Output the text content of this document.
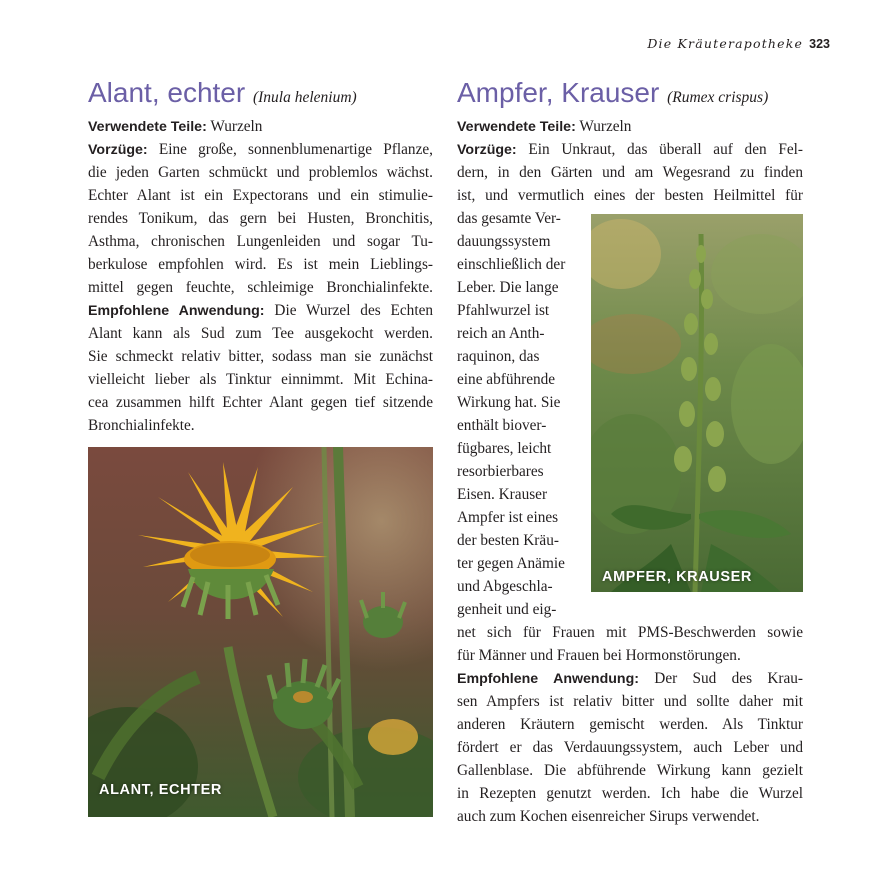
Die Kräuterapotheke 323
Alant, echter (Inula helenium)
Verwendete Teile: Wurzeln
Vorzüge: Eine große, sonnenblumenartige Pflanze,
die jeden Garten schmückt und problemlos wächst.
Echter Alant ist ein Expectorans und ein stimulie-
rendes Tonikum, das gern bei Husten, Bronchitis,
Asthma, chronischen Lungenleiden und sogar Tu-
berkulose empfohlen wird. Es ist mein Lieblings-
mittel gegen feuchte, schleimige Bronchialinfekte.
Empfohlene Anwendung: Die Wurzel des Echten
Alant kann als Sud zum Tee ausgekocht werden.
Sie schmeckt relativ bitter, sodass man sie zunächst
vielleicht lieber als Tinktur einnimmt. Mit Echina-
cea zusammen hilft Echter Alant gegen tief sitzende
Bronchialinfekte.
ALANT, ECHTER
Ampfer, Krauser (Rumex crispus)
Verwendete Teile: Wurzeln
Vorzüge: Ein Unkraut, das überall auf den Fel-
dern, in den Gärten und am Wegesrand zu finden
ist, und vermutlich eines der besten Heilmittel für
das gesamte Ver-
dauungssystem
einschließlich der
Leber. Die lange
Pfahlwurzel ist
reich an Anth-
raquinon, das
eine abführende
Wirkung hat. Sie
enthält biover-
fügbares, leicht
resorbierbares
Eisen. Krauser
Ampfer ist eines
der besten Kräu-
ter gegen Anämie
und Abgeschla-
genheit und eig-
net sich für Frauen mit PMS-Beschwerden sowie
für Männer und Frauen bei Hormonstörungen.
Empfohlene Anwendung: Der Sud des Krau-
sen Ampfers ist relativ bitter und sollte daher mit
anderen Kräutern gemischt werden. Als Tinktur
fördert er das Verdauungssystem, auch Leber und
Gallenblase. Die abführende Wirkung kann gezielt
in Rezepten genutzt werden. Ich habe die Wurzel
auch zum Kochen eisenreicher Sirups verwendet.
AMPFER, KRAUSER
